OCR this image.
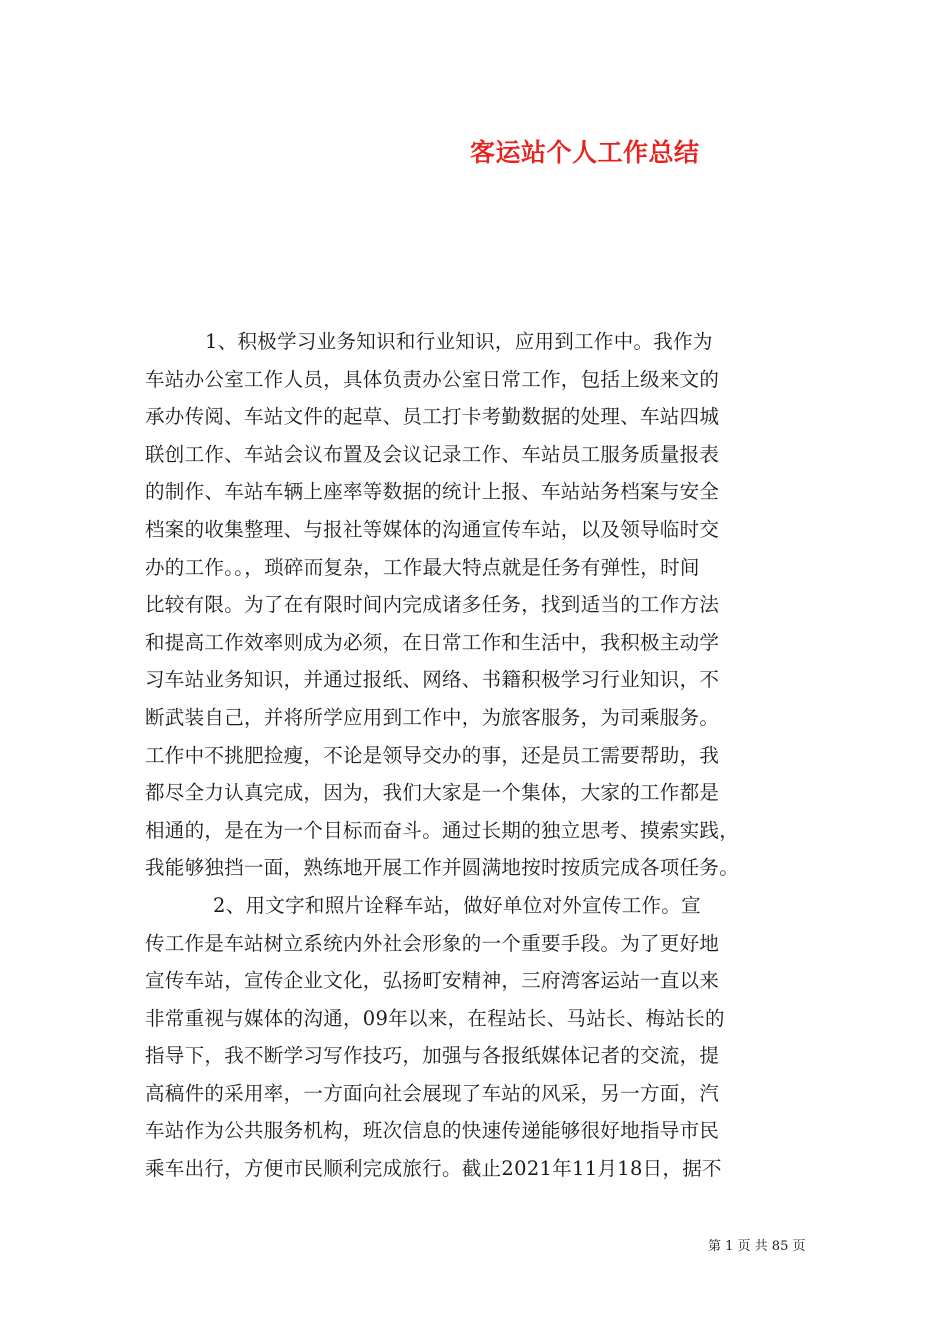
客运站个人工作总结
1、积极学习业务知识和行业知识，应用到工作中。我作为
车站办公室工作人员，具体负责办公室日常工作，包括上级来文的
承办传阅、车站文件的起草、员工打卡考勤数据的处理、车站四城
联创工作、车站会议布置及会议记录工作、车站员工服务质量报表
的制作、车站车辆上座率等数据的统计上报、车站站务档案与安全
档案的收集整理、与报社等媒体的沟通宣传车站，以及领导临时交
办的工作。。，琐碎而复杂，工作最大特点就是任务有弹性，时间
比较有限。为了在有限时间内完成诸多任务，找到适当的工作方法
和提高工作效率则成为必须，在日常工作和生活中，我积极主动学
习车站业务知识，并通过报纸、网络、书籍积极学习行业知识，不
断武装自己，并将所学应用到工作中，为旅客服务，为司乘服务。
工作中不挑肥捡瘦，不论是领导交办的事，还是员工需要帮助，我
都尽全力认真完成，因为，我们大家是一个集体，大家的工作都是
相通的，是在为一个目标而奋斗。通过长期的独立思考、摸索实践，
我能够独挡一面，熟练地开展工作并圆满地按时按质完成各项任务。
2、用文字和照片诠释车站，做好单位对外宣传工作。宣
传工作是车站树立系统内外社会形象的一个重要手段。为了更好地
宣传车站，宣传企业文化，弘扬町安精神，三府湾客运站一直以来
非常重视与媒体的沟通，09年以来，在程站长、马站长、梅站长的
指导下，我不断学习写作技巧，加强与各报纸媒体记者的交流，提
高稿件的采用率，一方面向社会展现了车站的风采，另一方面，汽
车站作为公共服务机构，班次信息的快速传递能够很好地指导市民
乘车出行，方便市民顺利完成旅行。截止2021年11月18日，据不
第 1 页 共 85 页
